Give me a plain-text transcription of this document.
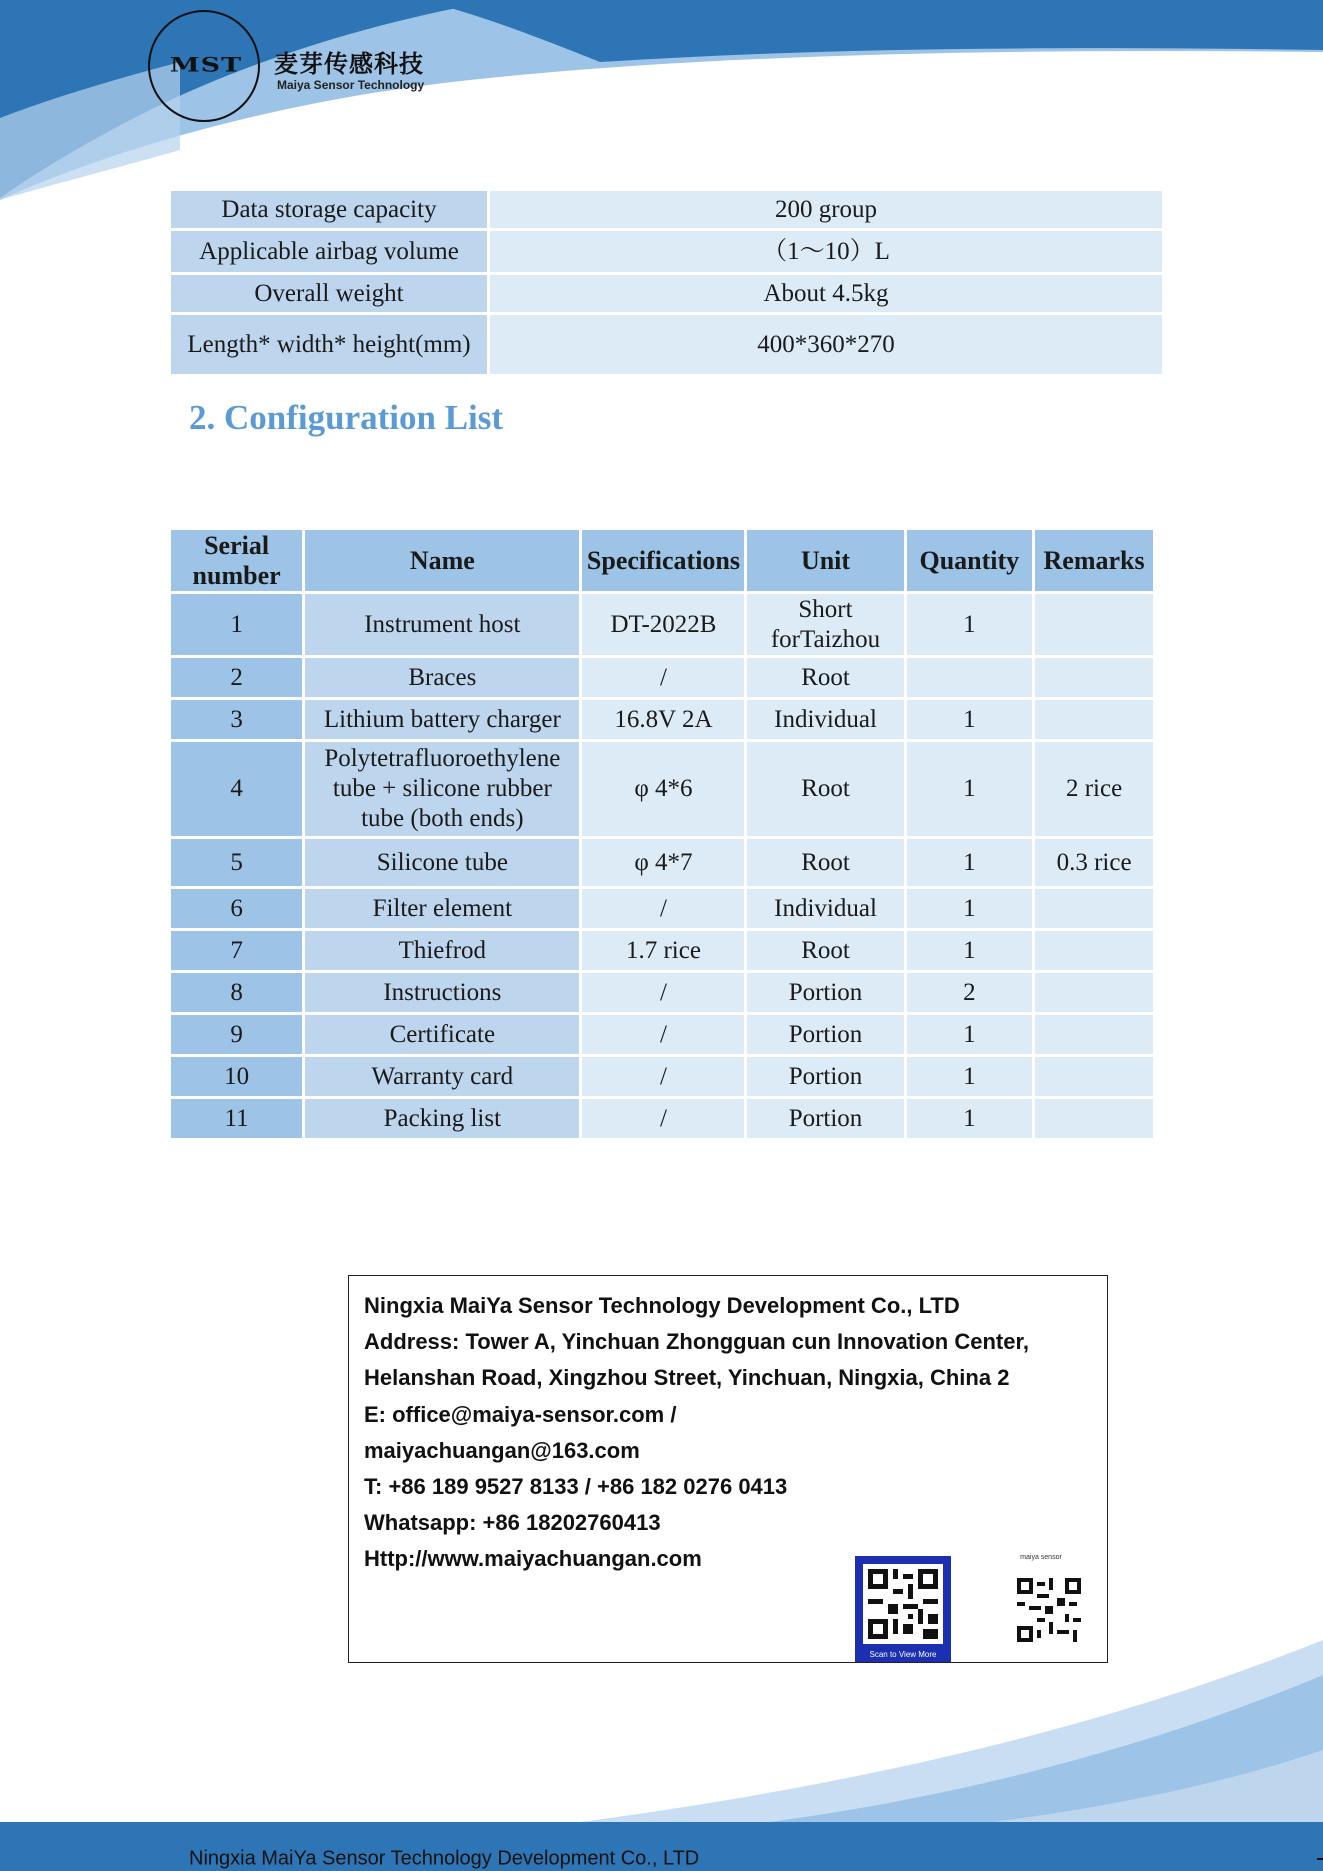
MST	麦芽传感科技
Maiya Sensor Technology
Data storage capacity	200 group
Applicable airbag volume	（1～10）L
Overall weight	About 4.5kg
Length* width* height(mm)	400*360*270
2. Configuration List
Serial number	Name	Specifications	Unit	Quantity	Remarks
1	Instrument host	DT-2022B	Short forTaizhou	1	
2	Braces	/	Root		
3	Lithium battery charger	16.8V 2A	Individual	1	
4	Polytetrafluoroethylene tube + silicone rubber tube (both ends)	φ 4*6	Root	1	2 rice
5	Silicone tube	φ 4*7	Root	1	0.3 rice
6	Filter element	/	Individual	1	
7	Thiefrod	1.7 rice	Root	1	
8	Instructions	/	Portion	2	
9	Certificate	/	Portion	1	
10	Warranty card	/	Portion	1	
11	Packing list	/	Portion	1	
Ningxia MaiYa Sensor Technology Development Co., LTD
Address: Tower A, Yinchuan Zhongguan cun Innovation Center,
Helanshan Road, Xingzhou Street, Yinchuan, Ningxia, China 2
E: office@maiya-sensor.com /
maiyachuangan@163.com
T: +86 189 9527 8133 / +86 182 0276 0413
Whatsapp: +86 18202760413
Http://www.maiyachuangan.com
Scan to View More
maiya sensor
Ningxia MaiYa Sensor Technology Development Co., LTD
